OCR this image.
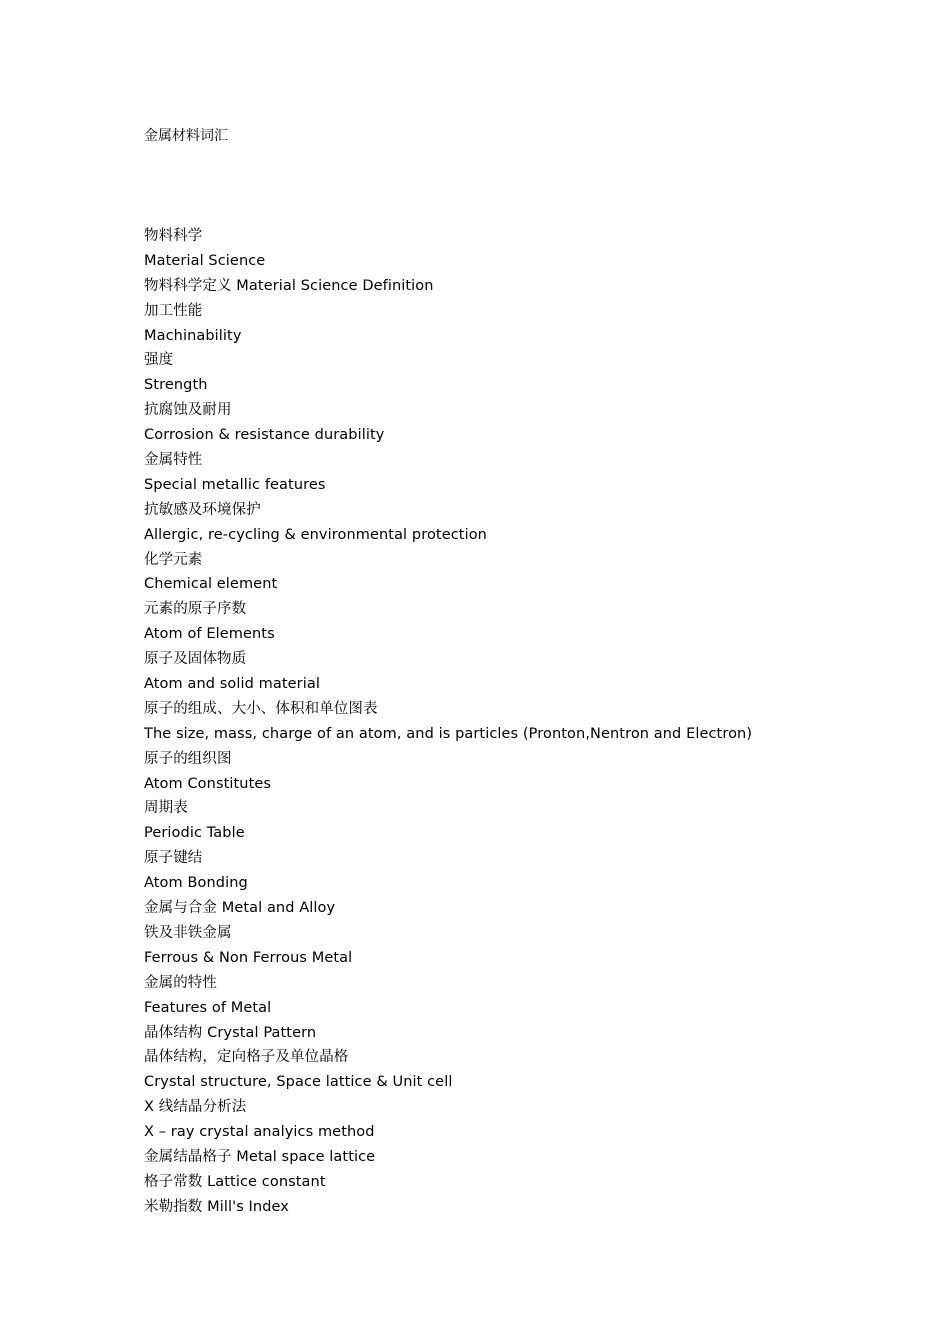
金属材料词汇
物料科学
Material Science
物料科学定义 Material Science Definition
加工性能
Machinability
强度
Strength
抗腐蚀及耐用
Corrosion & resistance durability
金属特性
Special metallic features
抗敏感及环境保护
Allergic, re-cycling & environmental protection
化学元素
Chemical element
元素的原子序数
Atom of Elements
原子及固体物质
Atom and solid material
原子的组成、大小、体积和单位图表
The size, mass, charge of an atom, and is particles (Pronton,Nentron and Electron)
原子的组织图
Atom Constitutes
周期表
Periodic Table
原子键结
Atom Bonding
金属与合金 Metal and Alloy
铁及非铁金属
Ferrous & Non Ferrous Metal
金属的特性
Features of Metal
晶体结构 Crystal Pattern
晶体结构，定向格子及单位晶格
Crystal structure, Space lattice & Unit cell
X 线结晶分析法
X – ray crystal analyics method
金属结晶格子 Metal space lattice
格子常数 Lattice constant
米勒指数 Mill's Index
